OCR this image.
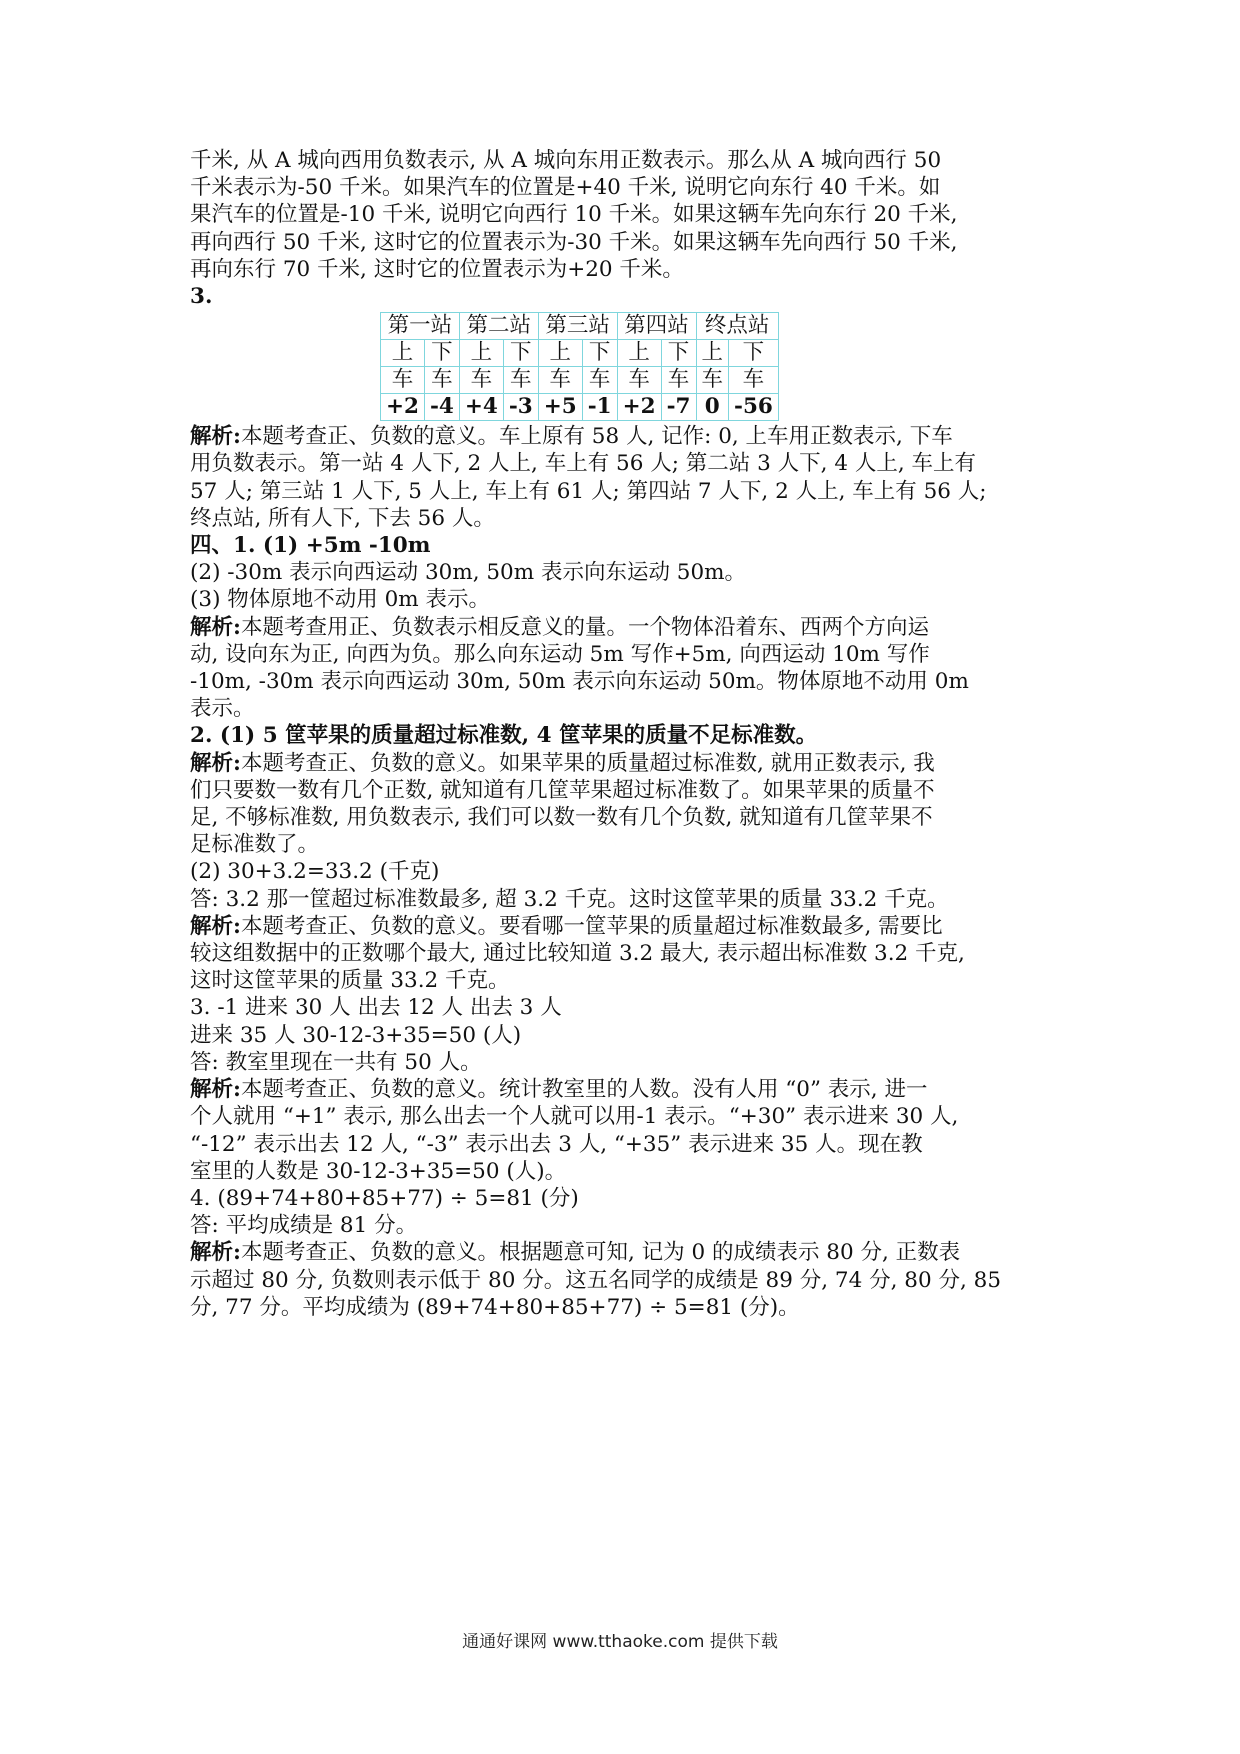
千米, 从 A 城向西用负数表示, 从 A 城向东用正数表示。那么从 A 城向西行 50
千米表示为-50 千米。如果汽车的位置是+40 千米, 说明它向东行 40 千米。如
果汽车的位置是-10 千米, 说明它向西行 10 千米。如果这辆车先向东行 20 千米,
再向西行 50 千米, 这时它的位置表示为-30 千米。如果这辆车先向西行 50 千米,
再向东行 70 千米, 这时它的位置表示为+20 千米。
3.
第一站		第二站		第三站		第四站		终点站	
上	下	上	下	上	下	上	下	上	下
车	车	车	车	车	车	车	车	车	车
+2	-4	+4	-3	+5	-1	+2	-7	0	-56
解析:本题考查正、负数的意义。车上原有 58 人, 记作: 0, 上车用正数表示, 下车
用负数表示。第一站 4 人下, 2 人上, 车上有 56 人; 第二站 3 人下, 4 人上, 车上有
57 人; 第三站 1 人下, 5 人上, 车上有 61 人; 第四站 7 人下, 2 人上, 车上有 56 人;
终点站, 所有人下, 下去 56 人。
四、1. (1) +5m -10m
(2) -30m 表示向西运动 30m, 50m 表示向东运动 50m。
(3) 物体原地不动用 0m 表示。
解析:本题考查用正、负数表示相反意义的量。一个物体沿着东、西两个方向运
动, 设向东为正, 向西为负。那么向东运动 5m 写作+5m, 向西运动 10m 写作
-10m, -30m 表示向西运动 30m, 50m 表示向东运动 50m。物体原地不动用 0m
表示。
2. (1) 5 筐苹果的质量超过标准数, 4 筐苹果的质量不足标准数。
解析:本题考查正、负数的意义。如果苹果的质量超过标准数, 就用正数表示, 我
们只要数一数有几个正数, 就知道有几筐苹果超过标准数了。如果苹果的质量不
足, 不够标准数, 用负数表示, 我们可以数一数有几个负数, 就知道有几筐苹果不
足标准数了。
(2) 30+3.2=33.2 (千克)
答: 3.2 那一筐超过标准数最多, 超 3.2 千克。这时这筐苹果的质量 33.2 千克。
解析:本题考查正、负数的意义。要看哪一筐苹果的质量超过标准数最多, 需要比
较这组数据中的正数哪个最大, 通过比较知道 3.2 最大, 表示超出标准数 3.2 千克,
这时这筐苹果的质量 33.2 千克。
3. -1 进来 30 人 出去 12 人 出去 3 人
进来 35 人 30-12-3+35=50 (人)
答: 教室里现在一共有 50 人。
解析:本题考查正、负数的意义。统计教室里的人数。没有人用 “0” 表示, 进一
个人就用 “+1” 表示, 那么出去一个人就可以用-1 表示。“+30” 表示进来 30 人,
“-12” 表示出去 12 人, “-3” 表示出去 3 人, “+35” 表示进来 35 人。现在教
室里的人数是 30-12-3+35=50 (人)。
4. (89+74+80+85+77) ÷ 5=81 (分)
答: 平均成绩是 81 分。
解析:本题考查正、负数的意义。根据题意可知, 记为 0 的成绩表示 80 分, 正数表
示超过 80 分, 负数则表示低于 80 分。这五名同学的成绩是 89 分, 74 分, 80 分, 85
分, 77 分。平均成绩为 (89+74+80+85+77) ÷ 5=81 (分)。
通通好课网 www.tthaoke.com 提供下载
